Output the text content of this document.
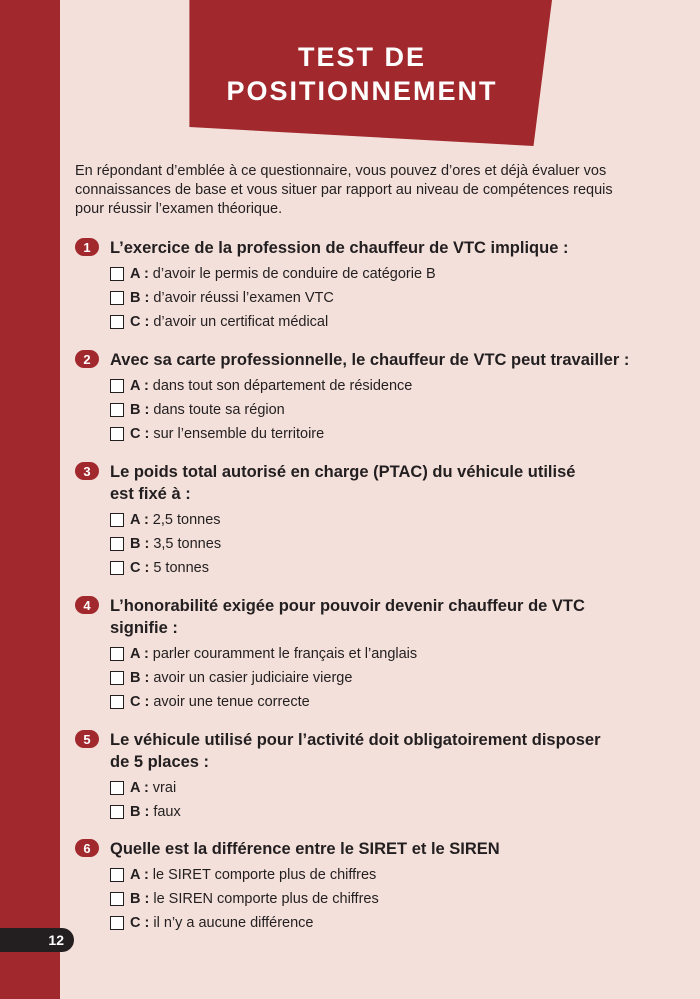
12
TEST DE
POSITIONNEMENT

En répondant d’emblée à ce questionnaire, vous pouvez d’ores et déjà évaluer vos connaissances de base et vous situer par rapport au niveau de compétences requis pour réussir l’examen théorique.

1	L’exercice de la profession de chauffeur de VTC implique :
A : d’avoir le permis de conduire de catégorie B
B : d’avoir réussi l’examen VTC
C : d’avoir un certificat médical
2	Avec sa carte professionnelle, le chauffeur de VTC peut travailler :
A : dans tout son département de résidence
B : dans toute sa région
C : sur l’ensemble du territoire
3	Le poids total autorisé en charge (PTAC) du véhicule utilisé est fixé à :
A : 2,5 tonnes
B : 3,5 tonnes
C : 5 tonnes
4	L’honorabilité exigée pour pouvoir devenir chauffeur de VTC signifie :
A : parler couramment le français et l’anglais
B : avoir un casier judiciaire vierge
C : avoir une tenue correcte
5	Le véhicule utilisé pour l’activité doit obligatoirement disposer de 5 places :
A : vrai
B : faux
6	Quelle est la différence entre le SIRET et le SIREN
A : le SIRET comporte plus de chiffres
B : le SIREN comporte plus de chiffres
C : il n’y a aucune différence
